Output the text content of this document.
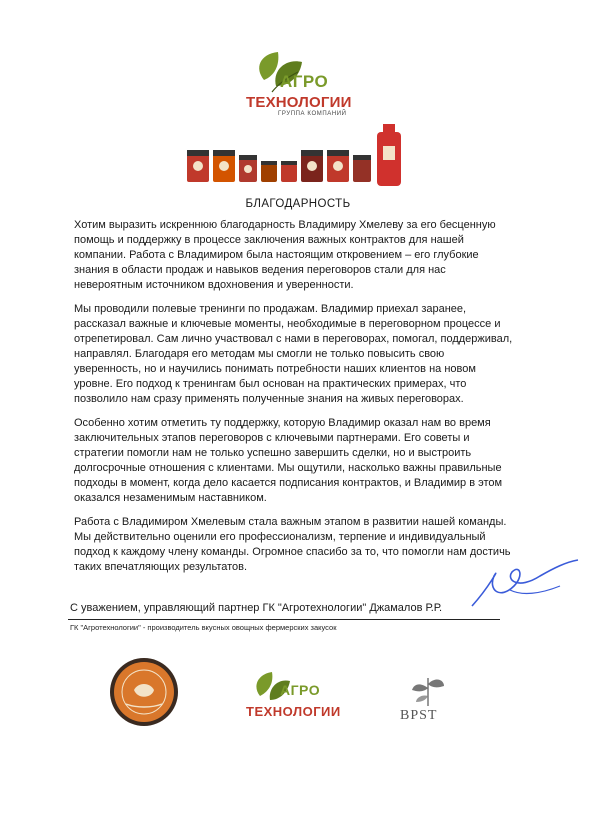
АГРО
ТЕХНОЛОГИИ
ГРУППА КОМПАНИЙ
БЛАГОДАРНОСТЬ

Хотим выразить искреннюю благодарность Владимиру Хмелеву за его бесценную помощь и поддержку в процессе заключения важных контрактов для нашей компании. Работа с Владимиром была настоящим откровением – его глубокие знания в области продаж и навыков ведения переговоров стали для нас невероятным источником вдохновения и уверенности.

Мы проводили полевые тренинги по продажам. Владимир приехал заранее, рассказал важные и ключевые моменты, необходимые в переговорном процессе и отрепетировал. Сам лично участвовал с нами в переговорах, помогал, поддерживал, направлял. Благодаря его методам мы смогли не только повысить свою уверенность, но и научились понимать потребности наших клиентов на новом уровне. Его подход к тренингам был основан на практических примерах, что позволило нам сразу применять полученные знания на живых переговорах.

Особенно хотим отметить ту поддержку, которую Владимир оказал нам во время заключительных этапов переговоров с ключевыми партнерами. Его советы и стратегии помогли нам не только успешно завершить сделки, но и выстроить долгосрочные отношения с клиентами. Мы ощутили, насколько важны правильные подходы в момент, когда дело касается подписания контрактов, и Владимир в этом оказался незаменимым наставником.

Работа с Владимиром Хмелевым стала важным этапом в развитии нашей команды. Мы действительно оценили его профессионализм, терпение и индивидуальный подход к каждому члену команды. Огромное спасибо за то, что помогли нам достичь таких впечатляющих результатов.

С уважением, управляющий партнер ГК "Агротехнологии" Джамалов Р.Р.
ГК "Агротехнологии" - производитель вкусных овощных фермерских закусок
АГРО
ТЕХНОЛОГИИ	BPST
